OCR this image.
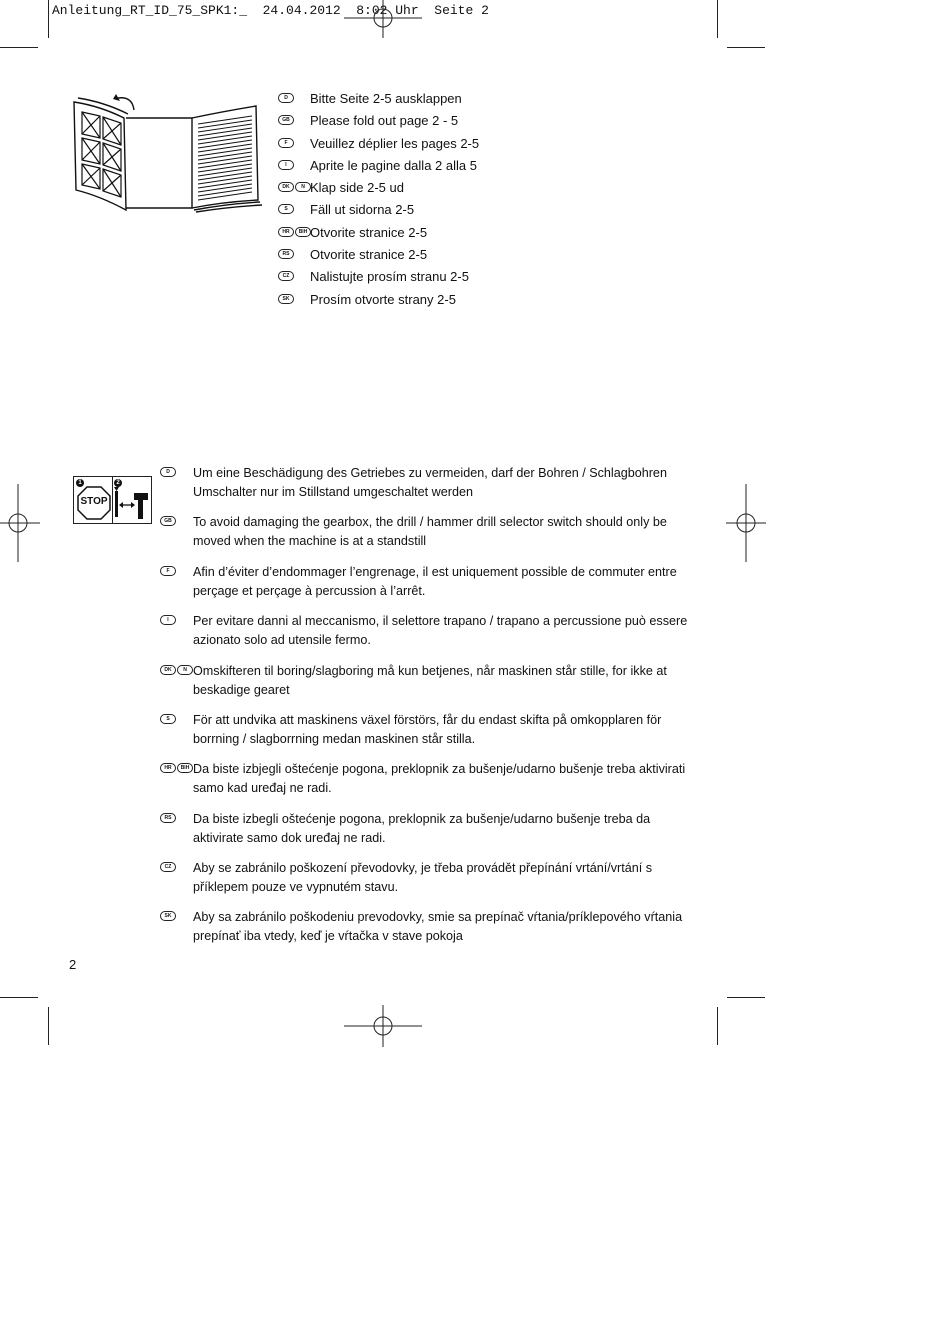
Anleitung_RT_ID_75_SPK1:_  24.04.2012  8:02 Uhr  Seite 2
D	Bitte Seite 2-5 ausklappen
GB	Please fold out page 2 - 5
F	Veuillez déplier les pages 2-5
I	Aprite le pagine dalla 2 alla 5
DK	N Klap side 2-5 ud
S	Fäll ut sidorna 2-5
HR	BIH Otvorite stranice 2-5
RS	Otvorite stranice 2-5
CZ	Nalistujte prosím stranu 2-5
SK	Prosím otvorte strany 2-5
1	2
STOP
D	Um eine Beschädigung des Getriebes zu vermeiden, darf der Bohren / Schlagbohren Umschalter nur im Stillstand umgeschaltet werden
GB	To avoid damaging the gearbox, the drill / hammer drill selector switch should only be moved when the machine is at a standstill
F	Afin d’éviter d’endommager l’engrenage, il est uniquement possible de commuter entre perçage et perçage à percussion à l’arrêt.
I	Per evitare danni al meccanismo, il selettore trapano / trapano a percussione può essere azionato solo ad utensile fermo.
DK	N Omskifteren til boring/slagboring må kun betjenes, når maskinen står stille, for ikke at beskadige gearet
S	För att undvika att maskinens växel förstörs, får du endast skifta på omkopplaren för borrning / slagborrning medan maskinen står stilla.
HR	BIH Da biste izbjegli oštećenje pogona, preklopnik za bušenje/udarno bušenje treba aktivirati samo kad uređaj ne radi.
RS	Da biste izbegli oštećenje pogona, preklopnik za bušenje/udarno bušenje treba da aktivirate samo dok uređaj ne radi.
CZ	Aby se zabránilo poškození převodovky, je třeba provádět přepínání vrtání/vrtání s příklepem pouze ve vypnutém stavu.
SK	Aby sa zabránilo poškodeniu prevodovky, smie sa prepínač vŕtania/príklepového vŕtania prepínať iba vtedy, keď je vŕtačka v stave pokoja
2
